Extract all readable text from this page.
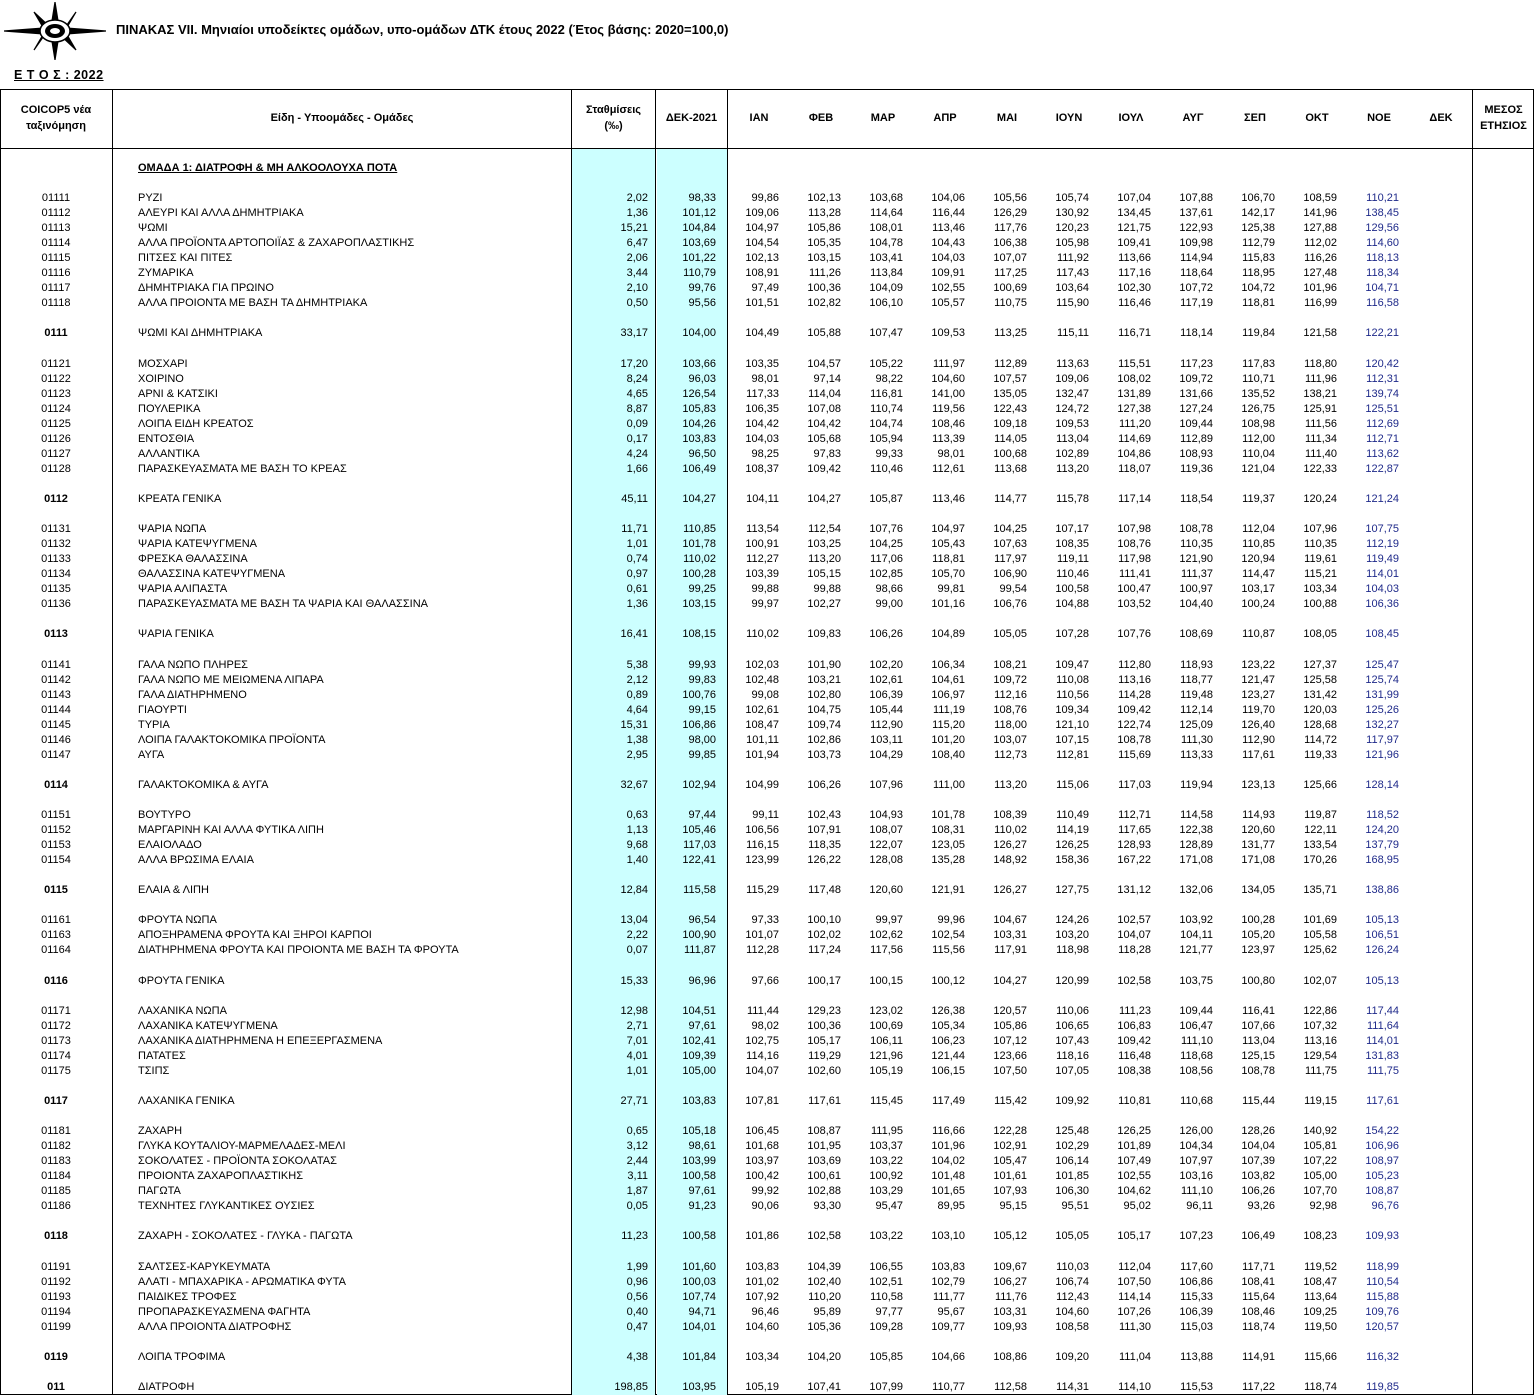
ΠΙΝΑΚΑΣ VII. Μηνιαίοι υποδείκτες ομάδων, υπο-ομάδων ΔΤΚ έτους 2022 (Έτος βάσης: 2020=100,0)
Ε Τ Ο Σ : 2022
COICOP5 νέα
ταξινόμηση
Είδη - Υποομάδες - Ομάδες
Σταθμίσεις
(‰)
ΔΕΚ-2021	ΙΑΝ	ΦΕΒ	ΜΑΡ	ΑΠΡ	ΜΑΙ	ΙΟΥΝ	ΙΟΥΛ	ΑΥΓ	ΣΕΠ	ΟΚΤ	ΝΟΕ	ΔΕΚ
ΜΕΣΟΣ
ΕΤΗΣΙΟΣ
ΟΜΑΔΑ 1: ΔΙΑΤΡΟΦΗ & ΜΗ ΑΛΚΟΟΛΟΥΧΑ ΠΟΤΑ
01111	ΡΥΖΙ	2,02	98,33	99,86	102,13	103,68	104,06	105,56	105,74	107,04	107,88	106,70	108,59	110,21
01112	ΑΛΕΥΡΙ ΚΑΙ ΑΛΛΑ ΔΗΜΗΤΡΙΑΚΑ	1,36	101,12	109,06	113,28	114,64	116,44	126,29	130,92	134,45	137,61	142,17	141,96	138,45
01113	ΨΩΜΙ	15,21	104,84	104,97	105,86	108,01	113,46	117,76	120,23	121,75	122,93	125,38	127,88	129,56
01114	ΑΛΛΑ ΠΡΟΪΟΝΤΑ ΑΡΤΟΠΟΙΪΑΣ & ΖΑΧΑΡΟΠΛΑΣΤΙΚΗΣ	6,47	103,69	104,54	105,35	104,78	104,43	106,38	105,98	109,41	109,98	112,79	112,02	114,60
01115	ΠΙΤΣΕΣ ΚΑΙ ΠΙΤΕΣ	2,06	101,22	102,13	103,15	103,41	104,03	107,07	111,92	113,66	114,94	115,83	116,26	118,13
01116	ΖΥΜΑΡΙΚΑ	3,44	110,79	108,91	111,26	113,84	109,91	117,25	117,43	117,16	118,64	118,95	127,48	118,34
01117	ΔΗΜΗΤΡΙΑΚΑ ΓΙΑ ΠΡΩΙΝΟ	2,10	99,76	97,49	100,36	104,09	102,55	100,69	103,64	102,30	107,72	104,72	101,96	104,71
01118	ΑΛΛΑ ΠΡΟΙΟΝΤΑ ΜΕ ΒΑΣΗ ΤΑ ΔΗΜΗΤΡΙΑΚΑ	0,50	95,56	101,51	102,82	106,10	105,57	110,75	115,90	116,46	117,19	118,81	116,99	116,58
0111	ΨΩΜΙ ΚΑΙ ΔΗΜΗΤΡΙΑΚΑ	33,17	104,00	104,49	105,88	107,47	109,53	113,25	115,11	116,71	118,14	119,84	121,58	122,21
01121	ΜΟΣΧΑΡΙ	17,20	103,66	103,35	104,57	105,22	111,97	112,89	113,63	115,51	117,23	117,83	118,80	120,42
01122	ΧΟΙΡΙΝΟ	8,24	96,03	98,01	97,14	98,22	104,60	107,57	109,06	108,02	109,72	110,71	111,96	112,31
01123	ΑΡΝΙ & ΚΑΤΣΙΚΙ	4,65	126,54	117,33	114,04	116,81	141,00	135,05	132,47	131,89	131,66	135,52	138,21	139,74
01124	ΠΟΥΛΕΡΙΚΑ	8,87	105,83	106,35	107,08	110,74	119,56	122,43	124,72	127,38	127,24	126,75	125,91	125,51
01125	ΛΟΙΠΑ ΕΙΔΗ ΚΡΕΑΤΟΣ	0,09	104,26	104,42	104,42	104,74	108,46	109,18	109,53	111,20	109,44	108,98	111,56	112,69
01126	ΕΝΤΟΣΘΙΑ	0,17	103,83	104,03	105,68	105,94	113,39	114,05	113,04	114,69	112,89	112,00	111,34	112,71
01127	ΑΛΛΑΝΤΙΚΑ	4,24	96,50	98,25	97,83	99,33	98,01	100,68	102,89	104,86	108,93	110,04	111,40	113,62
01128	ΠΑΡΑΣΚΕΥΑΣΜΑΤΑ ΜΕ ΒΑΣΗ ΤΟ ΚΡΕΑΣ	1,66	106,49	108,37	109,42	110,46	112,61	113,68	113,20	118,07	119,36	121,04	122,33	122,87
0112	ΚΡΕΑΤΑ ΓΕΝΙΚΑ	45,11	104,27	104,11	104,27	105,87	113,46	114,77	115,78	117,14	118,54	119,37	120,24	121,24
01131	ΨΑΡΙΑ ΝΩΠΑ	11,71	110,85	113,54	112,54	107,76	104,97	104,25	107,17	107,98	108,78	112,04	107,96	107,75
01132	ΨΑΡΙΑ ΚΑΤΕΨΥΓΜΕΝΑ	1,01	101,78	100,91	103,25	104,25	105,43	107,63	108,35	108,76	110,35	110,85	110,35	112,19
01133	ΦΡΕΣΚΑ ΘΑΛΑΣΣΙΝΑ	0,74	110,02	112,27	113,20	117,06	118,81	117,97	119,11	117,98	121,90	120,94	119,61	119,49
01134	ΘΑΛΑΣΣΙΝΑ ΚΑΤΕΨΥΓΜΕΝΑ	0,97	100,28	103,39	105,15	102,85	105,70	106,90	110,46	111,41	111,37	114,47	115,21	114,01
01135	ΨΑΡΙΑ ΑΛΙΠΑΣΤΑ	0,61	99,25	99,88	99,88	98,66	99,81	99,54	100,58	100,47	100,97	103,17	103,34	104,03
01136	ΠΑΡΑΣΚΕΥΑΣΜΑΤΑ ΜΕ ΒΑΣΗ ΤΑ ΨΑΡΙΑ ΚΑΙ ΘΑΛΑΣΣΙΝΑ	1,36	103,15	99,97	102,27	99,00	101,16	106,76	104,88	103,52	104,40	100,24	100,88	106,36
0113	ΨΑΡΙΑ ΓΕΝΙΚΑ	16,41	108,15	110,02	109,83	106,26	104,89	105,05	107,28	107,76	108,69	110,87	108,05	108,45
01141	ΓΑΛΑ ΝΩΠΟ ΠΛΗΡΕΣ	5,38	99,93	102,03	101,90	102,20	106,34	108,21	109,47	112,80	118,93	123,22	127,37	125,47
01142	ΓΑΛΑ ΝΩΠΟ ΜΕ ΜΕΙΩΜΕΝΑ ΛΙΠΑΡΑ	2,12	99,83	102,48	103,21	102,61	104,61	109,72	110,08	113,16	118,77	121,47	125,58	125,74
01143	ΓΑΛΑ ΔΙΑΤΗΡΗΜΕΝΟ	0,89	100,76	99,08	102,80	106,39	106,97	112,16	110,56	114,28	119,48	123,27	131,42	131,99
01144	ΓΙΑΟΥΡΤΙ	4,64	99,15	102,61	104,75	105,44	111,19	108,76	109,34	109,42	112,14	119,70	120,03	125,26
01145	ΤΥΡΙΑ	15,31	106,86	108,47	109,74	112,90	115,20	118,00	121,10	122,74	125,09	126,40	128,68	132,27
01146	ΛΟΙΠΑ ΓΑΛΑΚΤΟΚΟΜΙΚΑ ΠΡΟΪΟΝΤΑ	1,38	98,00	101,11	102,86	103,11	101,20	103,07	107,15	108,78	111,30	112,90	114,72	117,97
01147	ΑΥΓΑ	2,95	99,85	101,94	103,73	104,29	108,40	112,73	112,81	115,69	113,33	117,61	119,33	121,96
0114	ΓΑΛΑΚΤΟΚΟΜΙΚΑ & ΑΥΓΑ	32,67	102,94	104,99	106,26	107,96	111,00	113,20	115,06	117,03	119,94	123,13	125,66	128,14
01151	ΒΟΥΤΥΡΟ	0,63	97,44	99,11	102,43	104,93	101,78	108,39	110,49	112,71	114,58	114,93	119,87	118,52
01152	ΜΑΡΓΑΡΙΝΗ ΚΑΙ ΑΛΛΑ ΦΥΤΙΚΑ ΛΙΠΗ	1,13	105,46	106,56	107,91	108,07	108,31	110,02	114,19	117,65	122,38	120,60	122,11	124,20
01153	ΕΛΑΙΟΛΑΔΟ	9,68	117,03	116,15	118,35	122,07	123,05	126,27	126,25	128,93	128,89	131,77	133,54	137,79
01154	ΑΛΛΑ ΒΡΩΣΙΜΑ ΕΛΑΙΑ	1,40	122,41	123,99	126,22	128,08	135,28	148,92	158,36	167,22	171,08	171,08	170,26	168,95
0115	ΕΛΑΙΑ & ΛΙΠΗ	12,84	115,58	115,29	117,48	120,60	121,91	126,27	127,75	131,12	132,06	134,05	135,71	138,86
01161	ΦΡΟΥΤΑ ΝΩΠΑ	13,04	96,54	97,33	100,10	99,97	99,96	104,67	124,26	102,57	103,92	100,28	101,69	105,13
01163	ΑΠΟΞΗΡΑΜΕΝΑ ΦΡΟΥΤΑ ΚΑΙ ΞΗΡΟΙ ΚΑΡΠΟΙ	2,22	100,90	101,07	102,02	102,62	102,54	103,31	103,20	104,07	104,11	105,20	105,58	106,51
01164	ΔΙΑΤΗΡΗΜΕΝΑ ΦΡΟΥΤΑ ΚΑΙ ΠΡΟΙΟΝΤΑ ΜΕ ΒΑΣΗ ΤΑ ΦΡΟΥΤΑ	0,07	111,87	112,28	117,24	117,56	115,56	117,91	118,98	118,28	121,77	123,97	125,62	126,24
0116	ΦΡΟΥΤΑ ΓΕΝΙΚΑ	15,33	96,96	97,66	100,17	100,15	100,12	104,27	120,99	102,58	103,75	100,80	102,07	105,13
01171	ΛΑΧΑΝΙΚΑ ΝΩΠΑ	12,98	104,51	111,44	129,23	123,02	126,38	120,57	110,06	111,23	109,44	116,41	122,86	117,44
01172	ΛΑΧΑΝΙΚΑ ΚΑΤΕΨΥΓΜΕΝΑ	2,71	97,61	98,02	100,36	100,69	105,34	105,86	106,65	106,83	106,47	107,66	107,32	111,64
01173	ΛΑΧΑΝΙΚΑ ΔΙΑΤΗΡΗΜΕΝΑ Η ΕΠΕΞΕΡΓΑΣΜΕΝΑ	7,01	102,41	102,75	105,17	106,11	106,23	107,12	107,43	109,42	111,10	113,04	113,16	114,01
01174	ΠΑΤΑΤΕΣ	4,01	109,39	114,16	119,29	121,96	121,44	123,66	118,16	116,48	118,68	125,15	129,54	131,83
01175	ΤΣΙΠΣ	1,01	105,00	104,07	102,60	105,19	106,15	107,50	107,05	108,38	108,56	108,78	111,75	111,75
0117	ΛΑΧΑΝΙΚΑ ΓΕΝΙΚΑ	27,71	103,83	107,81	117,61	115,45	117,49	115,42	109,92	110,81	110,68	115,44	119,15	117,61
01181	ΖΑΧΑΡΗ	0,65	105,18	106,45	108,87	111,95	116,66	122,28	125,48	126,25	126,00	128,26	140,92	154,22
01182	ΓΛΥΚΑ ΚΟΥΤΑΛΙΟΥ-ΜΑΡΜΕΛΑΔΕΣ-ΜΕΛΙ	3,12	98,61	101,68	101,95	103,37	101,96	102,91	102,29	101,89	104,34	104,04	105,81	106,96
01183	ΣΟΚΟΛΑΤΕΣ - ΠΡΟΪΟΝΤΑ ΣΟΚΟΛΑΤΑΣ	2,44	103,99	103,97	103,69	103,22	104,02	105,47	106,14	107,49	107,97	107,39	107,22	108,97
01184	ΠΡΟΙΟΝΤΑ ΖΑΧΑΡΟΠΛΑΣΤΙΚΗΣ	3,11	100,58	100,42	100,61	100,92	101,48	101,61	101,85	102,55	103,16	103,82	105,00	105,23
01185	ΠΑΓΩΤΑ	1,87	97,61	99,92	102,88	103,29	101,65	107,93	106,30	104,62	111,10	106,26	107,70	108,87
01186	ΤΕΧΝΗΤΕΣ ΓΛΥΚΑΝΤΙΚΕΣ ΟΥΣΙΕΣ	0,05	91,23	90,06	93,30	95,47	89,95	95,15	95,51	95,02	96,11	93,26	92,98	96,76
0118	ΖΑΧΑΡΗ - ΣΟΚΟΛΑΤΕΣ - ΓΛΥΚΑ - ΠΑΓΩΤΑ	11,23	100,58	101,86	102,58	103,22	103,10	105,12	105,05	105,17	107,23	106,49	108,23	109,93
01191	ΣΑΛΤΣΕΣ-ΚΑΡΥΚΕΥΜΑΤΑ	1,99	101,60	103,83	104,39	106,55	103,83	109,67	110,03	112,04	117,60	117,71	119,52	118,99
01192	ΑΛΑΤΙ - ΜΠΑΧΑΡΙΚΑ - ΑΡΩΜΑΤΙΚΑ ΦΥΤΑ	0,96	100,03	101,02	102,40	102,51	102,79	106,27	106,74	107,50	106,86	108,41	108,47	110,54
01193	ΠΑΙΔΙΚΕΣ ΤΡΟΦΕΣ	0,56	107,74	107,92	110,20	110,58	111,77	111,76	112,43	114,14	115,33	115,64	113,64	115,88
01194	ΠΡΟΠΑΡΑΣΚΕΥΑΣΜΕΝΑ ΦΑΓΗΤΑ	0,40	94,71	96,46	95,89	97,77	95,67	103,31	104,60	107,26	106,39	108,46	109,25	109,76
01199	ΑΛΛΑ ΠΡΟΙΟΝΤΑ ΔΙΑΤΡΟΦΗΣ	0,47	104,01	104,60	105,36	109,28	109,77	109,93	108,58	111,30	115,03	118,74	119,50	120,57
0119	ΛΟΙΠΑ ΤΡΟΦΙΜΑ	4,38	101,84	103,34	104,20	105,85	104,66	108,86	109,20	111,04	113,88	114,91	115,66	116,32
011	ΔΙΑΤΡΟΦΗ	198,85	103,95	105,19	107,41	107,99	110,77	112,58	114,31	114,10	115,53	117,22	118,74	119,85
